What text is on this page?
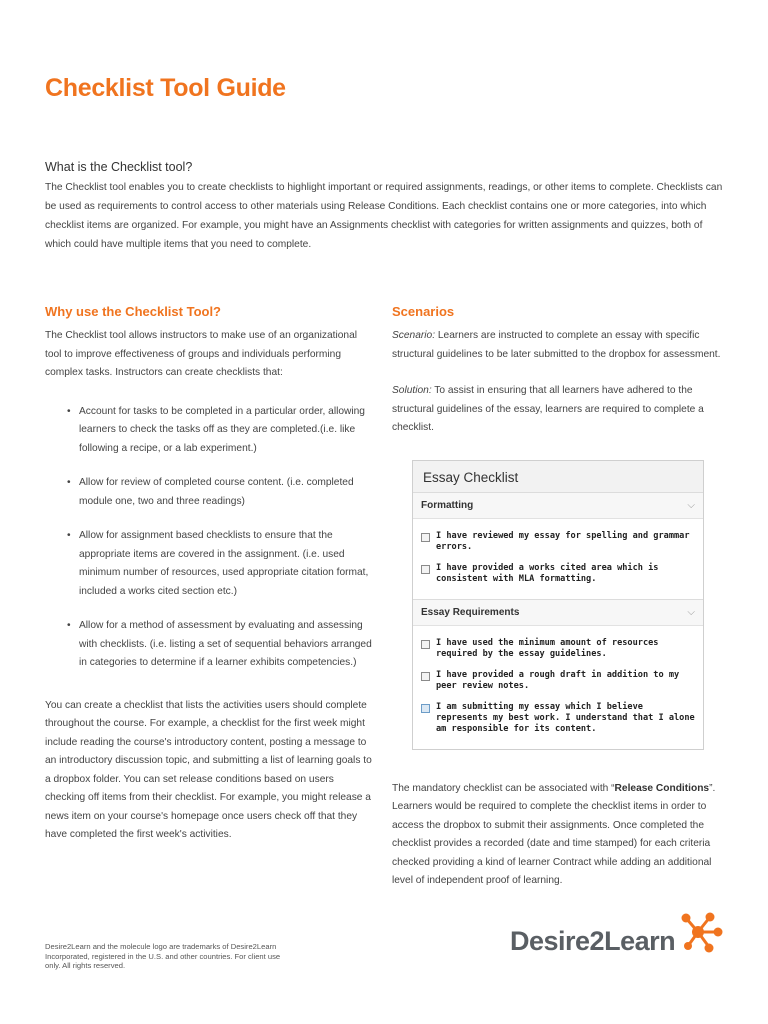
Checklist Tool Guide
What is the Checklist tool?

The Checklist tool enables you to create checklists to highlight important or required assignments, readings, or other items to complete. Checklists can be used as requirements to control access to other materials using Release Conditions. Each checklist contains one or more categories, into which checklist items are organized. For example, you might have an Assignments checklist with categories for written assignments and quizzes, both of which could have multiple items that you need to complete.

Why use the Checklist Tool?

The Checklist tool allows instructors to make use of an organizational tool to improve effectiveness of groups and individuals performing complex tasks. Instructors can create checklists that:

• Account for tasks to be completed in a particular order, allowing learners to check the tasks off as they are completed.(i.e. like following a recipe, or a lab experiment.)
• Allow for review of completed course content. (i.e. completed module one, two and three readings)
• Allow for assignment based checklists to ensure that the appropriate items are covered in the assignment. (i.e. used minimum number of resources, used appropriate citation format, included a works cited section etc.)
• Allow for a method of assessment by evaluating and assessing with checklists. (i.e. listing a set of sequential behaviors arranged in categories to determine if a learner exhibits competencies.)

You can create a checklist that lists the activities users should complete throughout the course. For example, a checklist for the first week might include reading the course's introductory content, posting a message to an introductory discussion topic, and submitting a list of learning goals to a dropbox folder. You can set release conditions based on users checking off items from their checklist. For example, you might release a news item on your course's homepage once users check off that they have completed the first week's activities.

Scenarios

Scenario: Learners are instructed to complete an essay with specific structural guidelines to be later submitted to the dropbox for assessment.

Solution: To assist in ensuring that all learners have adhered to the structural guidelines of the essay, learners are required to complete a checklist.

Essay Checklist
Formatting	⌵
I have reviewed my essay for spelling and grammar errors.
I have provided a works cited area which is consistent with MLA formatting.
Essay Requirements	⌵
I have used the minimum amount of resources required by the essay guidelines.
I have provided a rough draft in addition to my peer review notes.
I am submitting my essay which I believe represents my best work. I understand that I alone am responsible for its content.

The mandatory checklist can be associated with “Release Conditions”. Learners would be required to complete the checklist items in order to access the dropbox to submit their assignments. Once completed the checklist provides a recorded (date and time stamped) for each criteria checked providing a kind of learner Contract while adding an additional level of independent proof of learning.

Desire2Learn and the molecule logo are trademarks of Desire2Learn Incorporated, registered in the U.S. and other countries. For client use only. All rights reserved.

Desire2Learn
